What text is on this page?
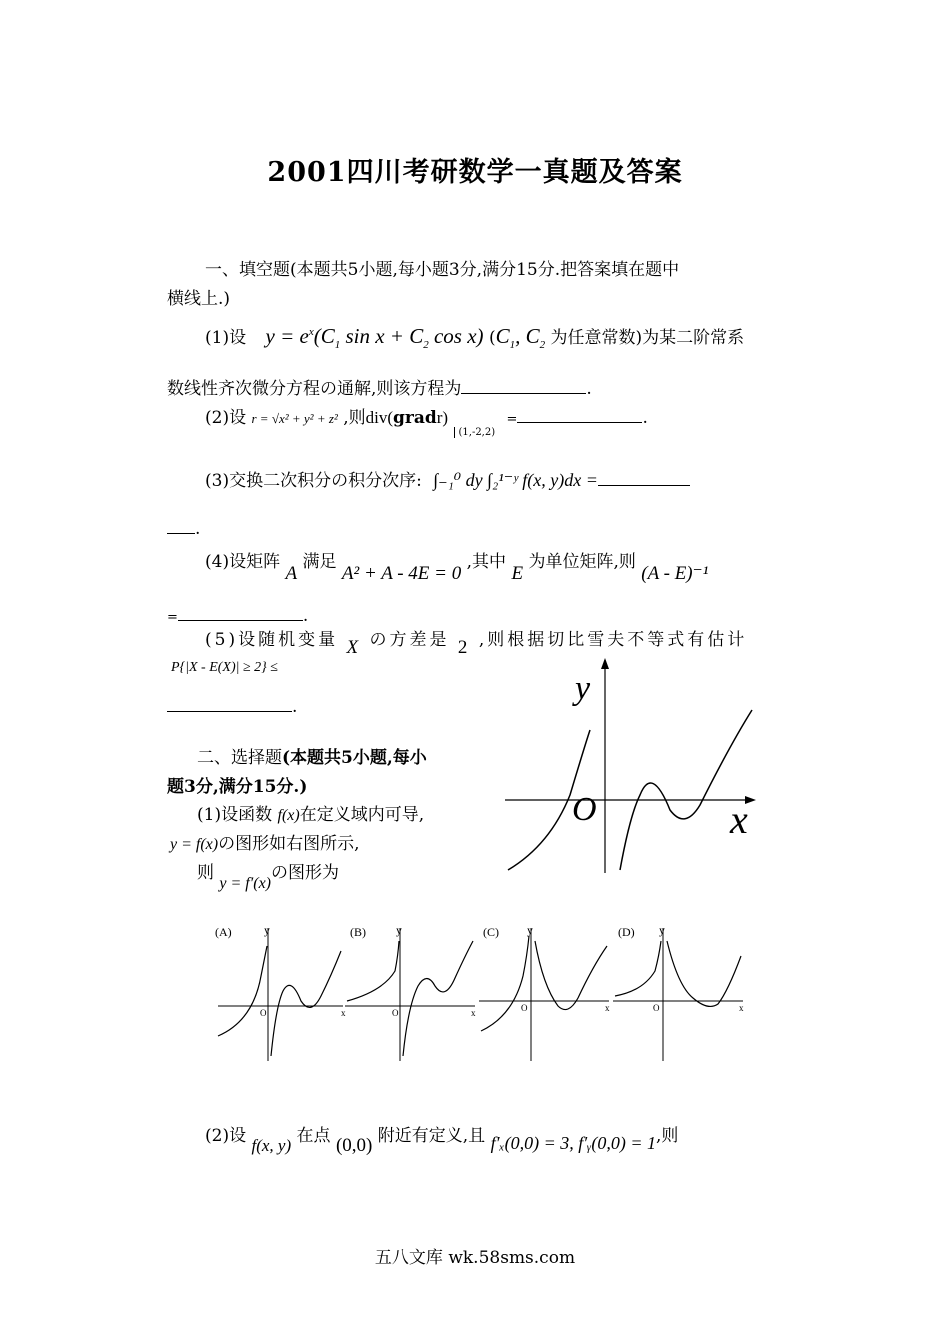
2001四川考研数学一真题及答案
一、填空题(本题共5小题,每小题3分,满分15分.把答案填在题中
横线上.)
(1)设 $y = e^x(C_1$ $\sin x + C_2$ cos x) ($C_1$, $C_2$ 为任意常数)为某二阶常系
数线性齐次微分方程の通解,则该方程为	.
(2)设 r = √x² + y² + z² ,则div(gradr) $_{(1,-2,2)}$ =	.
(3)交换二次积分の积分次序: ∫₋₁⁰ dy ∫₂¹⁻ʸ f(x, y)dx =
.
(4)设矩阵 A 满足 A² + A - 4E = 0 ,其中 E 为单位矩阵,则 (A - E)⁻¹
=	.
(5)设随机变量 X の方差是 2 ,则根据切比雪夫不等式有估计
P{|X - E(X)| ≥ 2} ≤
.
二、选择题(本题共5小题,每小
题3分,满分15分.)
(1)设函数 f(x)在定义域内可导,
y = f(x)の图形如右图所示,
则 y = f′(x)の图形为
y
O	x
(A)	y
O	x
(B)	y
O	x
(C) y
O	x
(D) y
O	x
(2)设 f(x, y) 在点 (0,0) 附近有定义,且 f′ₓ(0,0) = 3, f′ᵧ(0,0) = 1,则
五八文库 wk.58sms.com
